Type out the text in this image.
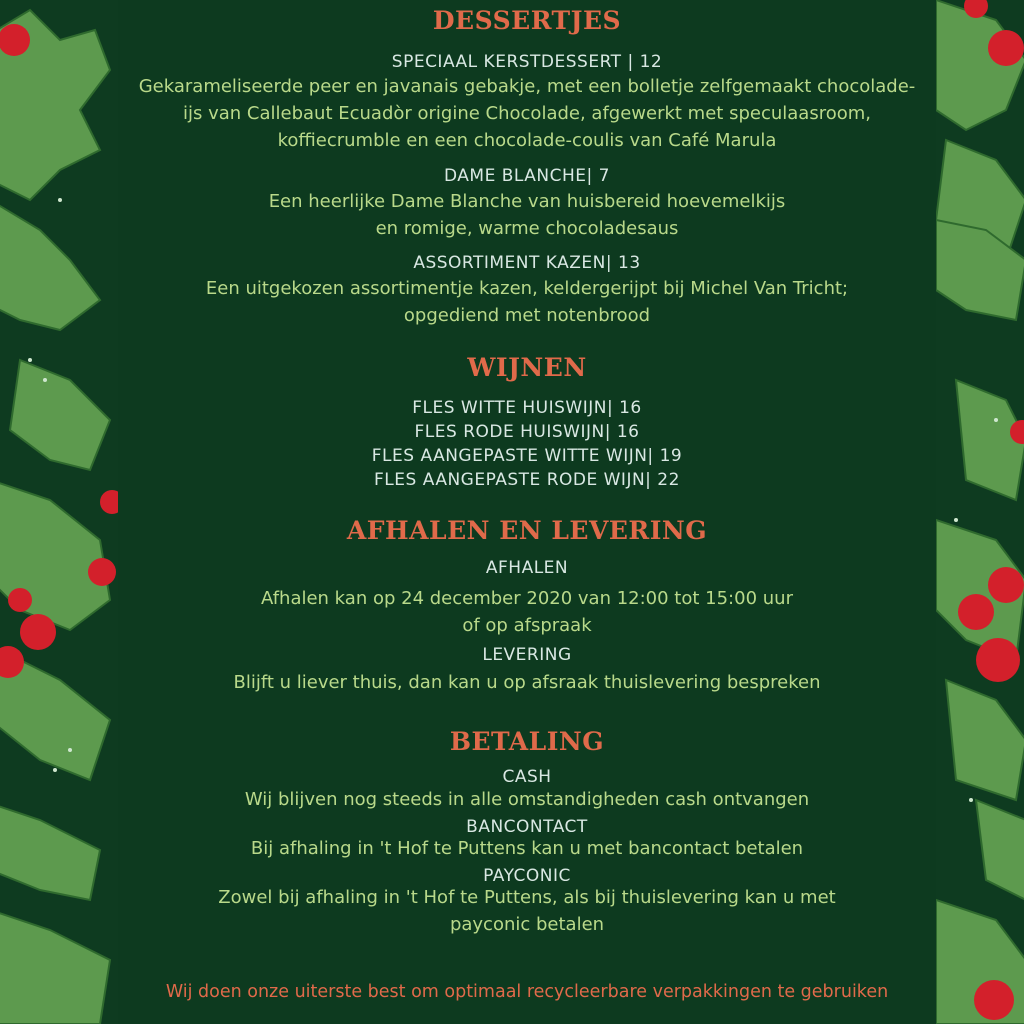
DESSERTJES
SPECIAAL KERSTDESSERT | 12
Gekarameliseerde peer en javanais gebakje, met een bolletje zelfgemaakt chocolade-
ijs van Callebaut Ecuadòr origine Chocolade, afgewerkt met speculaasroom,
koffiecrumble en een chocolade-coulis van Café Marula
DAME BLANCHE| 7
Een heerlijke Dame Blanche van huisbereid hoevemelkijs
en romige, warme chocoladesaus
ASSORTIMENT KAZEN| 13
Een uitgekozen assortimentje kazen, keldergerijpt bij Michel Van Tricht;
opgediend met notenbrood
WIJNEN
FLES WITTE HUISWIJN| 16
FLES RODE HUISWIJN| 16
FLES AANGEPASTE WITTE WIJN| 19
FLES AANGEPASTE RODE WIJN| 22
AFHALEN EN LEVERING
AFHALEN
Afhalen kan op 24 december 2020 van 12:00 tot 15:00 uur
of op afspraak
LEVERING
Blijft u liever thuis, dan kan u op afsraak thuislevering bespreken
BETALING
CASH
Wij blijven nog steeds in alle omstandigheden cash ontvangen
BANCONTACT
Bij afhaling in 't Hof te Puttens kan u met bancontact betalen
PAYCONIC
Zowel bij afhaling in 't Hof te Puttens, als bij thuislevering kan u met
payconic betalen
Wij doen onze uiterste best om optimaal recycleerbare verpakkingen te gebruiken
